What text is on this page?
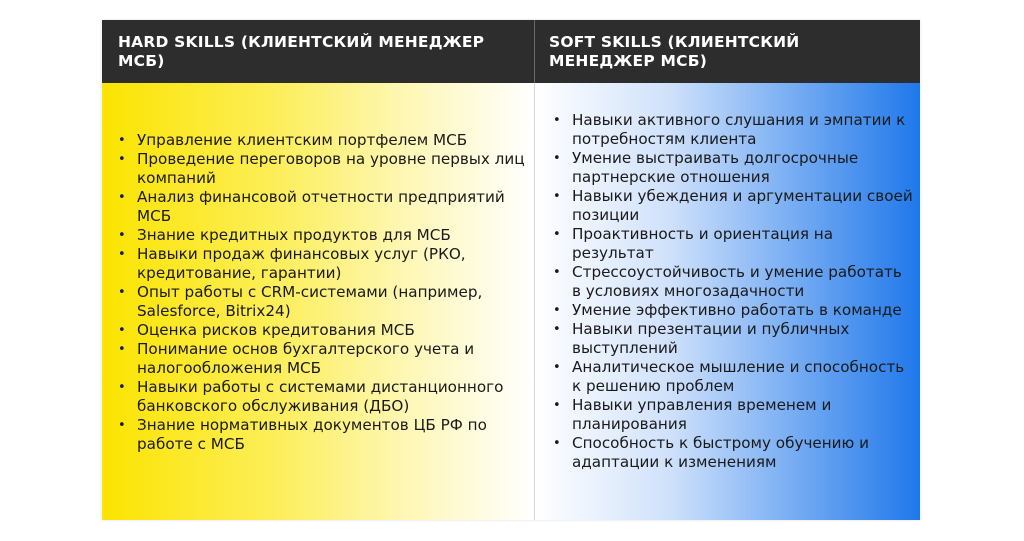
HARD SKILLS (КЛИЕНТСКИЙ МЕНЕДЖЕР МСБ)
SOFT SKILLS (КЛИЕНТСКИЙ МЕНЕДЖЕР МСБ)
• Управление клиентским портфелем МСБ
• Проведение переговоров на уровне первых лиц компаний
• Анализ финансовой отчетности предприятий МСБ
• Знание кредитных продуктов для МСБ
• Навыки продаж финансовых услуг (РКО, кредитование, гарантии)
• Опыт работы с CRM-системами (например, Salesforce, Bitrix24)
• Оценка рисков кредитования МСБ
• Понимание основ бухгалтерского учета и налогообложения МСБ
• Навыки работы с системами дистанционного банковского обслуживания (ДБО)
• Знание нормативных документов ЦБ РФ по работе с МСБ
• Навыки активного слушания и эмпатии к потребностям клиента
• Умение выстраивать долгосрочные партнерские отношения
• Навыки убеждения и аргументации своей позиции
• Проактивность и ориентация на результат
• Стрессоустойчивость и умение работать в условиях многозадачности
• Умение эффективно работать в команде
• Навыки презентации и публичных выступлений
• Аналитическое мышление и способность к решению проблем
• Навыки управления временем и планирования
• Способность к быстрому обучению и адаптации к изменениям
